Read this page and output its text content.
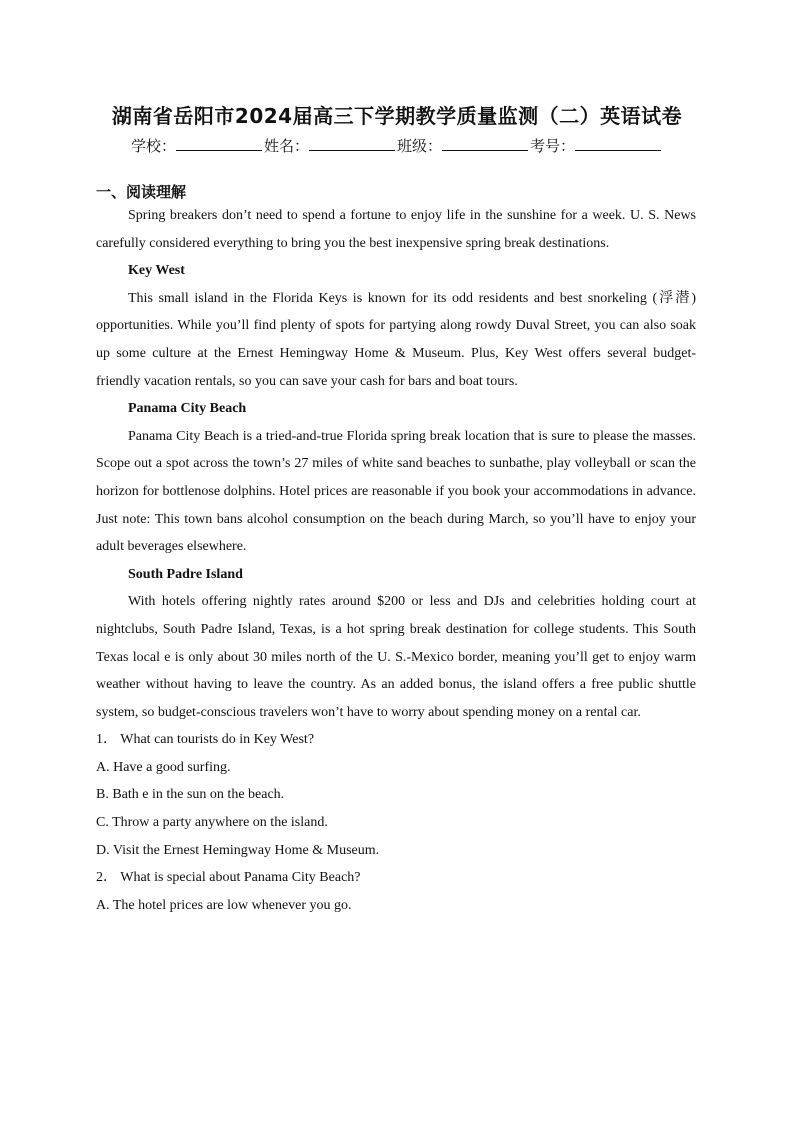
湖南省岳阳市2024届高三下学期教学质量监测（二）英语试卷
学校：	姓名：	班级：	考号：
一、阅读理解

Spring breakers don’t need to spend a fortune to enjoy life in the sunshine for a week. U. S. News carefully considered everything to bring you the best inexpensive spring break destinations.

Key West

This small island in the Florida Keys is known for its odd residents and best snorkeling (浮潜) opportunities. While you’ll find plenty of spots for partying along rowdy Duval Street, you can also soak up some culture at the Ernest Hemingway Home & Museum. Plus, Key West offers several budget-friendly vacation rentals, so you can save your cash for bars and boat tours.

Panama City Beach

Panama City Beach is a tried-and-true Florida spring break location that is sure to please the masses. Scope out a spot across the town’s 27 miles of white sand beaches to sunbathe, play volleyball or scan the horizon for bottlenose dolphins. Hotel prices are reasonable if you book your accommodations in advance. Just note: This town bans alcohol consumption on the beach during March, so you’ll have to enjoy your adult beverages elsewhere.

South Padre Island

With hotels offering nightly rates around $200 or less and DJs and celebrities holding court at nightclubs, South Padre Island, Texas, is a hot spring break destination for college students. This South Texas local e is only about 30 miles north of the U. S.-Mexico border, meaning you’ll get to enjoy warm weather without having to leave the country. As an added bonus, the island offers a free public shuttle system, so budget-conscious travelers won’t have to worry about spending money on a rental car.

1． What can tourists do in Key West?

A. Have a good surfing.

B. Bath e in the sun on the beach.

C. Throw a party anywhere on the island.

D. Visit the Ernest Hemingway Home & Museum.

2． What is special about Panama City Beach?

A. The hotel prices are low whenever you go.
